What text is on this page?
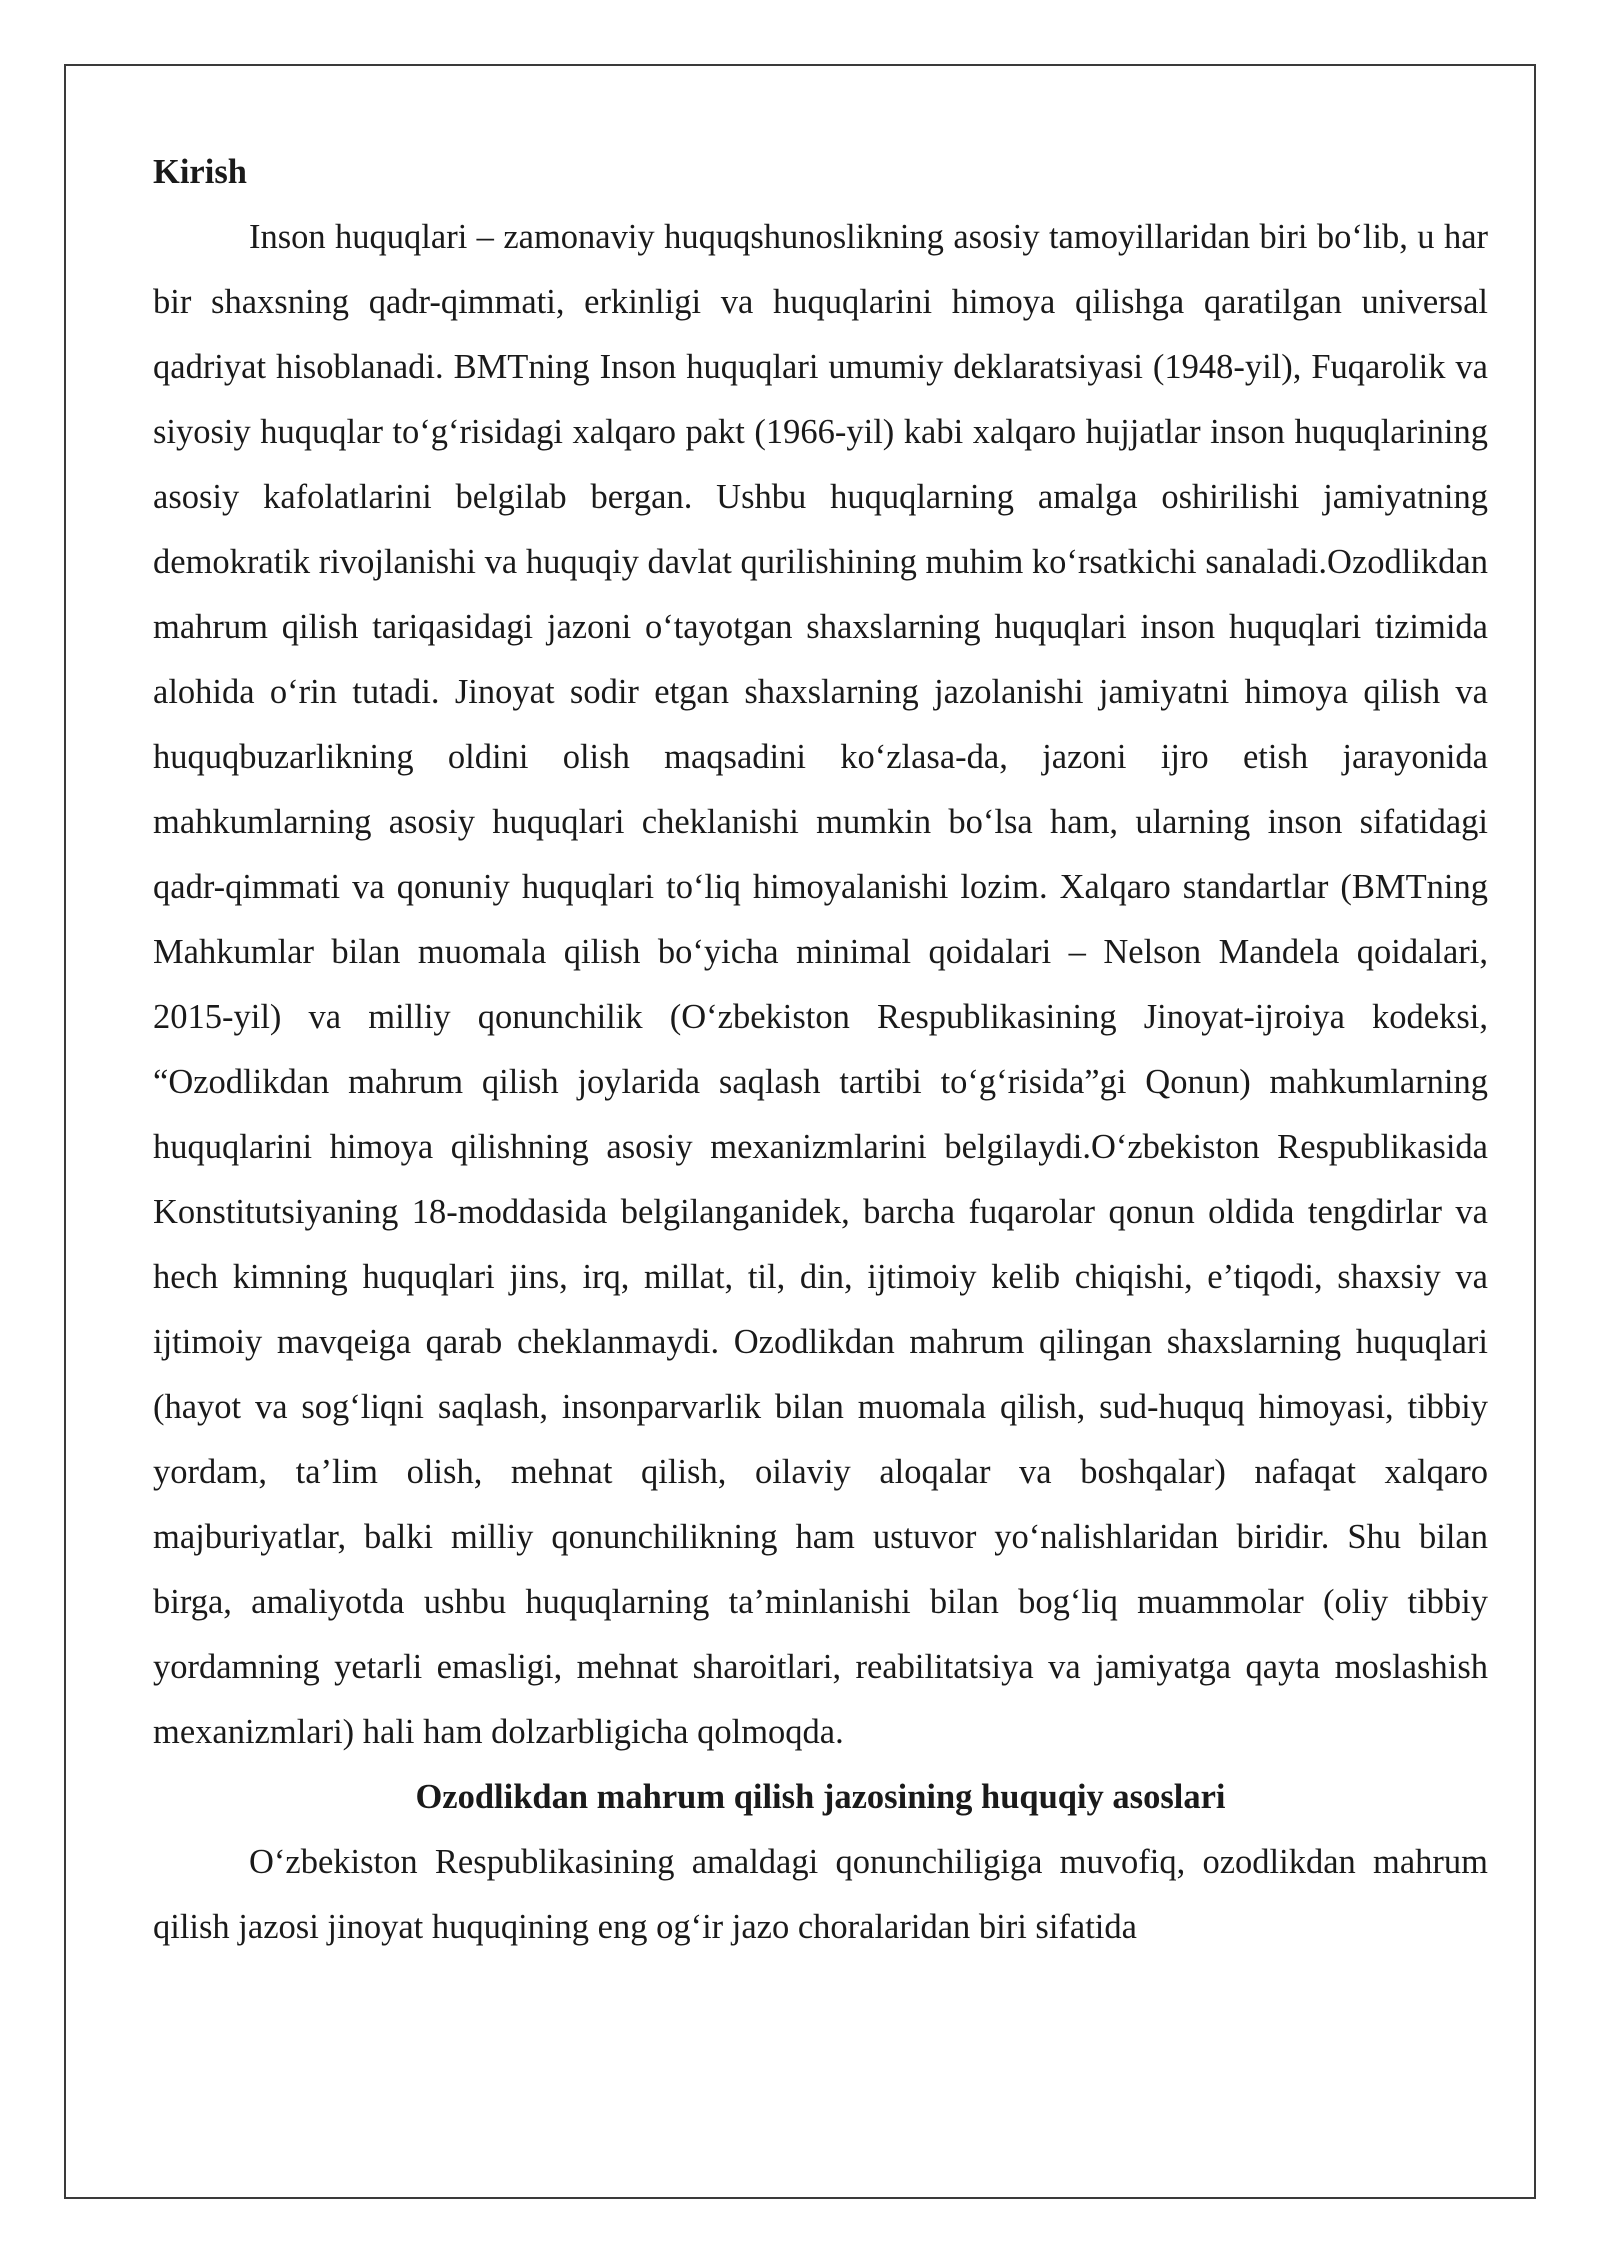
Kirish

Inson huquqlari – zamonaviy huquqshunoslikning asosiy tamoyillaridan biri bo‘lib, u har bir shaxsning qadr-qimmati, erkinligi va huquqlarini himoya qilishga qaratilgan universal qadriyat hisoblanadi. BMTning Inson huquqlari umumiy deklaratsiyasi (1948-yil), Fuqarolik va siyosiy huquqlar to‘g‘risidagi xalqaro pakt (1966-yil) kabi xalqaro hujjatlar inson huquqlarining asosiy kafolatlarini belgilab bergan. Ushbu huquqlarning amalga oshirilishi jamiyatning demokratik rivojlanishi va huquqiy davlat qurilishining muhim ko‘rsatkichi sanaladi.Ozodlikdan mahrum qilish tariqasidagi jazoni o‘tayotgan shaxslarning huquqlari inson huquqlari tizimida alohida o‘rin tutadi. Jinoyat sodir etgan shaxslarning jazolanishi jamiyatni himoya qilish va huquqbuzarlikning oldini olish maqsadini ko‘zlasa-da, jazoni ijro etish jarayonida mahkumlarning asosiy huquqlari cheklanishi mumkin bo‘lsa ham, ularning inson sifatidagi qadr-qimmati va qonuniy huquqlari to‘liq himoyalanishi lozim. Xalqaro standartlar (BMTning Mahkumlar bilan muomala qilish bo‘yicha minimal qoidalari – Nelson Mandela qoidalari, 2015-yil) va milliy qonunchilik (O‘zbekiston Respublikasining Jinoyat-ijroiya kodeksi, “Ozodlikdan mahrum qilish joylarida saqlash tartibi to‘g‘risida”gi Qonun) mahkumlarning huquqlarini himoya qilishning asosiy mexanizmlarini belgilaydi.O‘zbekiston Respublikasida Konstitutsiyaning 18-moddasida belgilanganidek, barcha fuqarolar qonun oldida tengdirlar va hech kimning huquqlari jins, irq, millat, til, din, ijtimoiy kelib chiqishi, e’tiqodi, shaxsiy va ijtimoiy mavqeiga qarab cheklanmaydi. Ozodlikdan mahrum qilingan shaxslarning huquqlari (hayot va sog‘liqni saqlash, insonparvarlik bilan muomala qilish, sud-huquq himoyasi, tibbiy yordam, ta’lim olish, mehnat qilish, oilaviy aloqalar va boshqalar) nafaqat xalqaro majburiyatlar, balki milliy qonunchilikning ham ustuvor yo‘nalishlaridan biridir. Shu bilan birga, amaliyotda ushbu huquqlarning ta’minlanishi bilan bog‘liq muammolar (oliy tibbiy yordamning yetarli emasligi, mehnat sharoitlari, reabilitatsiya va jamiyatga qayta moslashish mexanizmlari) hali ham dolzarbligicha qolmoqda.

Ozodlikdan mahrum qilish jazosining huquqiy asoslari

O‘zbekiston Respublikasining amaldagi qonunchiligiga muvofiq, ozodlikdan mahrum qilish jazosi jinoyat huquqining eng og‘ir jazo choralaridan biri sifatida
